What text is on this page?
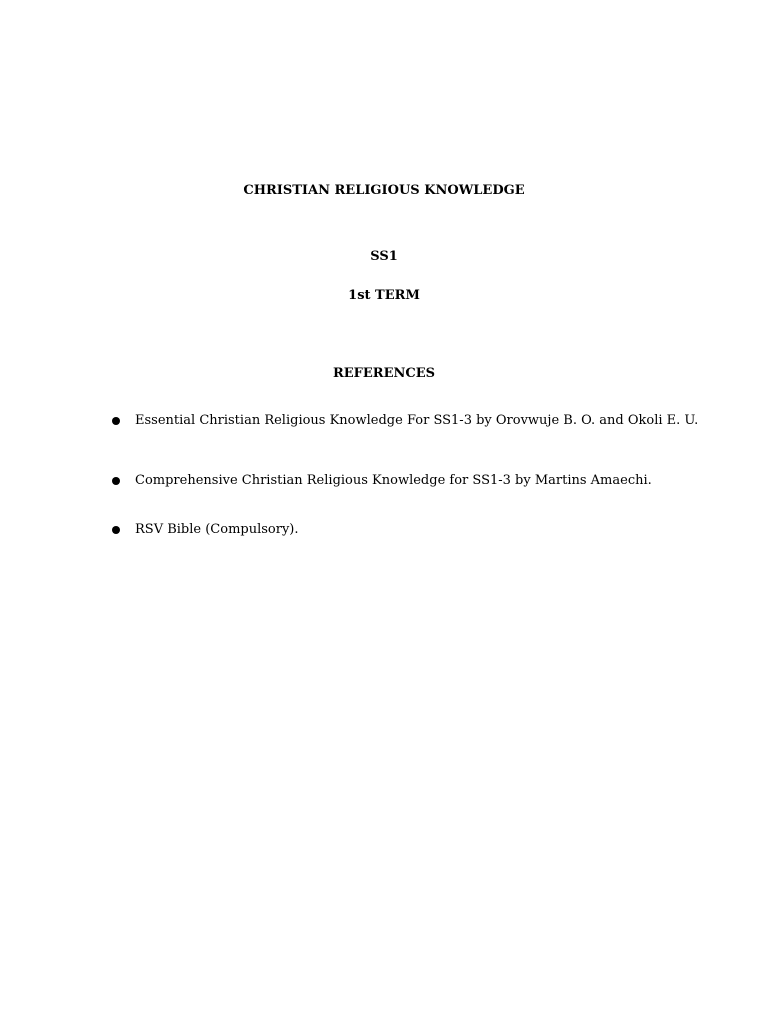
CHRISTIAN RELIGIOUS KNOWLEDGE
SS1
1st TERM
REFERENCES
Essential Christian Religious Knowledge For SS1-3 by Orovwuje B. O. and Okoli E. U.
Comprehensive Christian Religious Knowledge for SS1-3 by Martins Amaechi.
RSV Bible (Compulsory).
